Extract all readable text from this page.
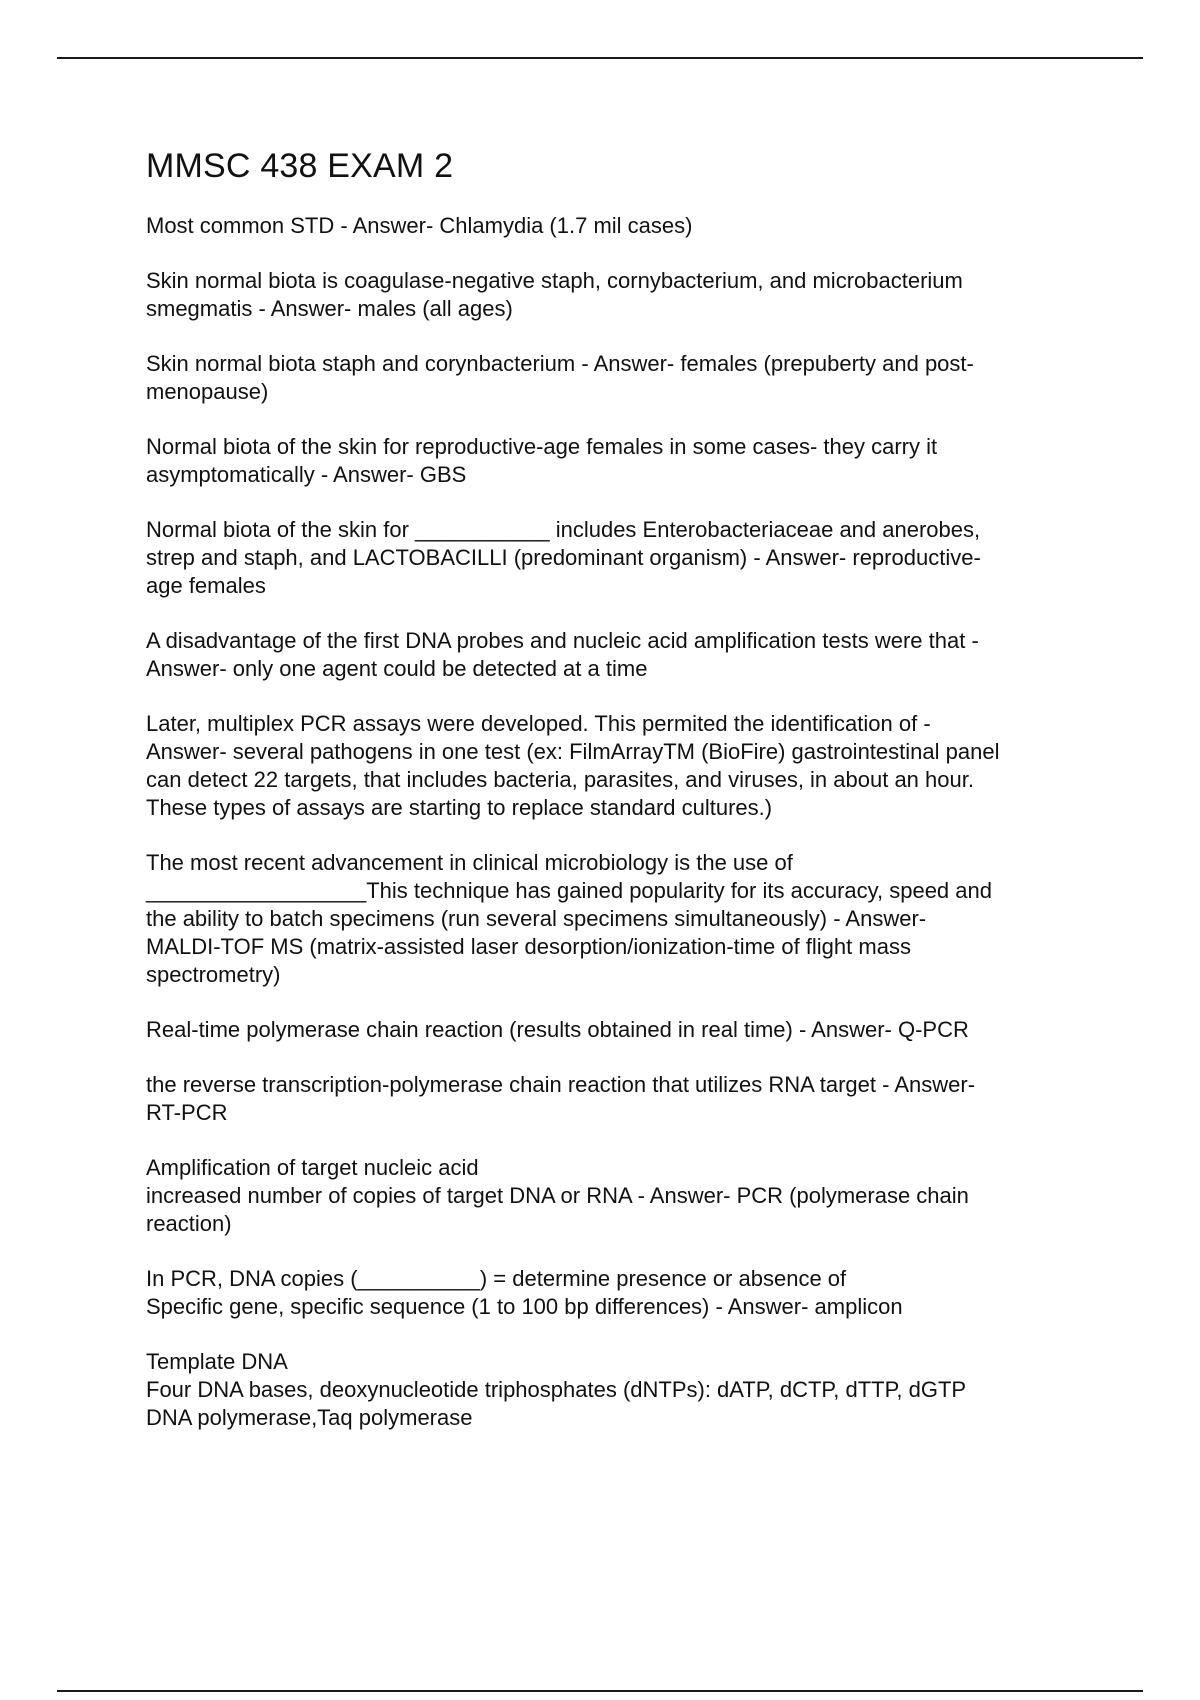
MMSC 438 EXAM 2

Most common STD - Answer- Chlamydia (1.7 mil cases)

Skin normal biota is coagulase-negative staph, cornybacterium, and microbacterium
smegmatis - Answer- males (all ages)

Skin normal biota staph and corynbacterium - Answer- females (prepuberty and post-
menopause)

Normal biota of the skin for reproductive-age females in some cases- they carry it
asymptomatically - Answer- GBS

Normal biota of the skin for ___________ includes Enterobacteriaceae and anerobes,
strep and staph, and LACTOBACILLI (predominant organism) - Answer- reproductive-
age females

A disadvantage of the first DNA probes and nucleic acid amplification tests were that -
Answer- only one agent could be detected at a time

Later, multiplex PCR assays were developed. This permited the identification of -
Answer- several pathogens in one test (ex: FilmArrayTM (BioFire) gastrointestinal panel
can detect 22 targets, that includes bacteria, parasites, and viruses, in about an hour.
These types of assays are starting to replace standard cultures.)

The most recent advancement in clinical microbiology is the use of
__________________This technique has gained popularity for its accuracy, speed and
the ability to batch specimens (run several specimens simultaneously) - Answer-
MALDI-TOF MS (matrix-assisted laser desorption/ionization-time of flight mass
spectrometry)

Real-time polymerase chain reaction (results obtained in real time) - Answer- Q-PCR

the reverse transcription-polymerase chain reaction that utilizes RNA target - Answer-
RT-PCR

Amplification of target nucleic acid
increased number of copies of target DNA or RNA - Answer- PCR (polymerase chain
reaction)

In PCR, DNA copies (__________) = determine presence or absence of
Specific gene, specific sequence (1 to 100 bp differences) - Answer- amplicon

Template DNA
Four DNA bases, deoxynucleotide triphosphates (dNTPs): dATP, dCTP, dTTP, dGTP
DNA polymerase,Taq polymerase
